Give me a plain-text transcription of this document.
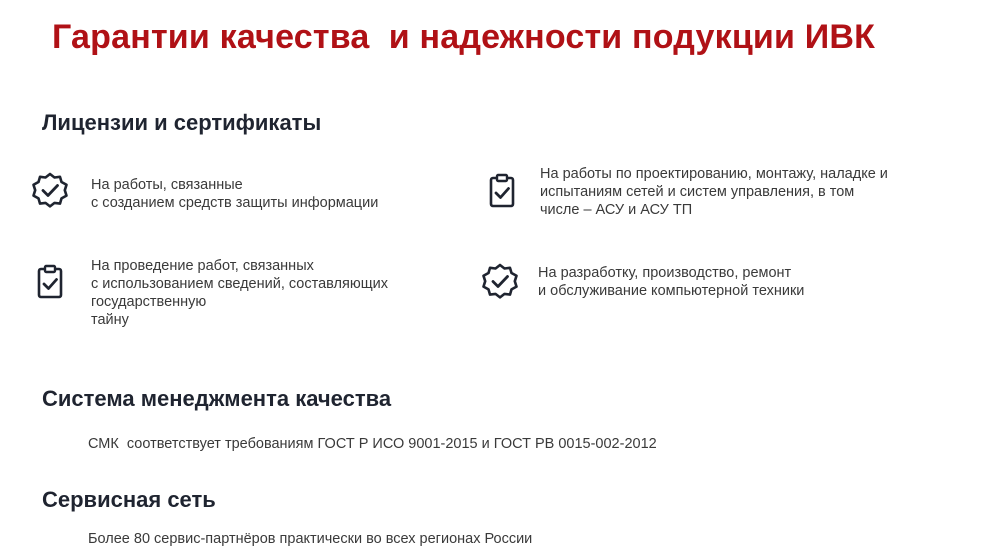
Гарантии качества  и надежности подукции ИВК
Лицензии и сертификаты
На работы, связанные
с созданием средств защиты информации
На работы по проектированию, монтажу, наладке и
испытаниям сетей и систем управления, в том
числе – АСУ и АСУ ТП
На проведение работ, связанных
с использованием сведений, составляющих
государственную
тайну
На разработку, производство, ремонт
и обслуживание компьютерной техники
Система менеджмента качества
СМК  соответствует требованиям ГОСТ Р ИСО 9001-2015 и ГОСТ РВ 0015-002-2012
Сервисная сеть
Более 80 сервис-партнёров практически во всех регионах России
